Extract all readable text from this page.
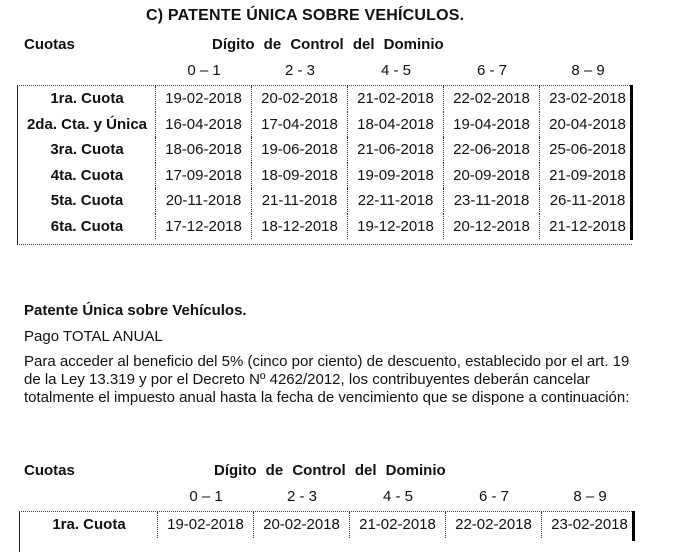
C) PATENTE ÚNICA SOBRE VEHÍCULOS.
Cuotas	Dígito de Control del Dominio
0 – 1	2 - 3	4 - 5	6 - 7	8 – 9
1ra. Cuota	19-02-2018	20-02-2018	21-02-2018	22-02-2018	23-02-2018
2da. Cta. y Única	16-04-2018	17-04-2018	18-04-2018	19-04-2018	20-04-2018
3ra. Cuota	18-06-2018	19-06-2018	21-06-2018	22-06-2018	25-06-2018
4ta. Cuota	17-09-2018	18-09-2018	19-09-2018	20-09-2018	21-09-2018
5ta. Cuota	20-11-2018	21-11-2018	22-11-2018	23-11-2018	26-11-2018
6ta. Cuota	17-12-2018	18-12-2018	19-12-2018	20-12-2018	21-12-2018
Patente Única sobre Vehículos.
Pago TOTAL ANUAL
Para acceder al beneficio del 5% (cinco por ciento) de descuento, establecido por el art. 19 de la Ley 13.319 y por el Decreto Nº 4262/2012, los contribuyentes deberán cancelar totalmente el impuesto anual hasta la fecha de vencimiento que se dispone a continuación:
Cuotas	Dígito de Control del Dominio
0 – 1	2 - 3	4 - 5	6 - 7	8 – 9
1ra. Cuota	19-02-2018	20-02-2018	21-02-2018	22-02-2018	23-02-2018
